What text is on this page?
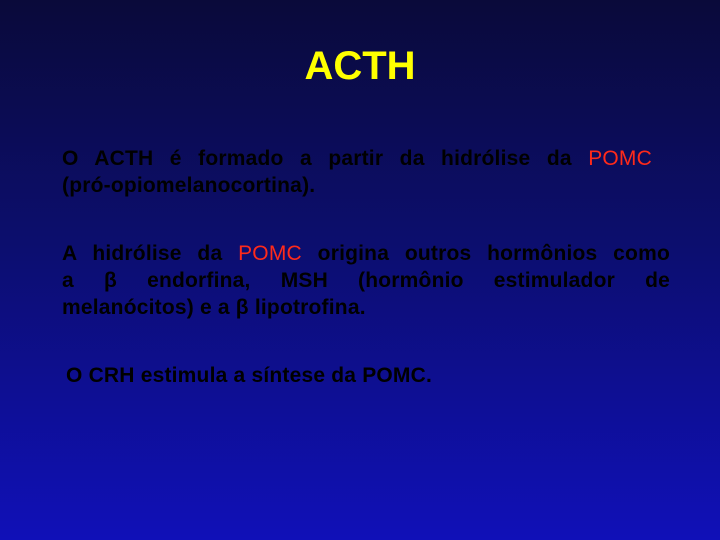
ACTH
O ACTH é formado a partir da hidrólise da POMC
(pró-opiomelanocortina).
A hidrólise da POMC origina outros hormônios como
a β endorfina, MSH (hormônio estimulador de
melanócitos) e a β lipotrofina.
O CRH estimula a síntese da POMC.
